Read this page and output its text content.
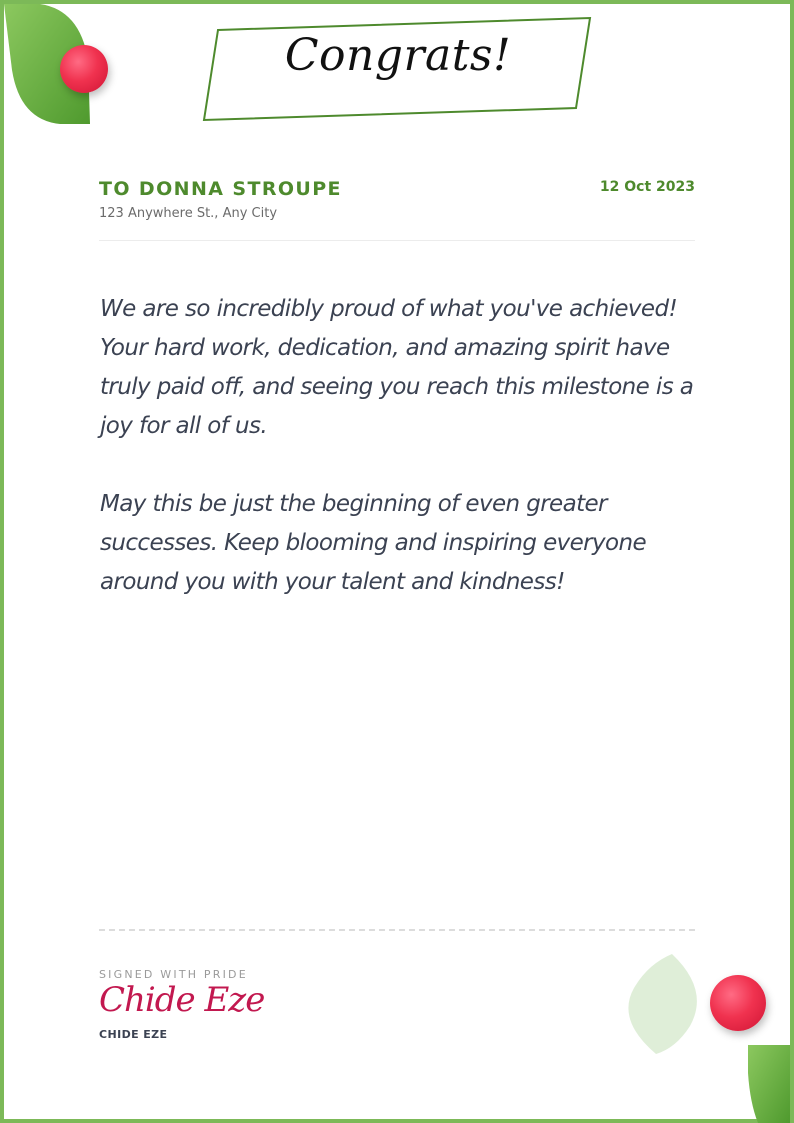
Congrats!
TO DONNA STROUPE
123 Anywhere St., Any City
12 Oct 2023

We are so incredibly proud of what you've achieved! Your hard work, dedication, and amazing spirit have truly paid off, and seeing you reach this milestone is a joy for all of us.

May this be just the beginning of even greater successes. Keep blooming and inspiring everyone around you with your talent and kindness!

SIGNED WITH PRIDE
Chide Eze
CHIDE EZE
